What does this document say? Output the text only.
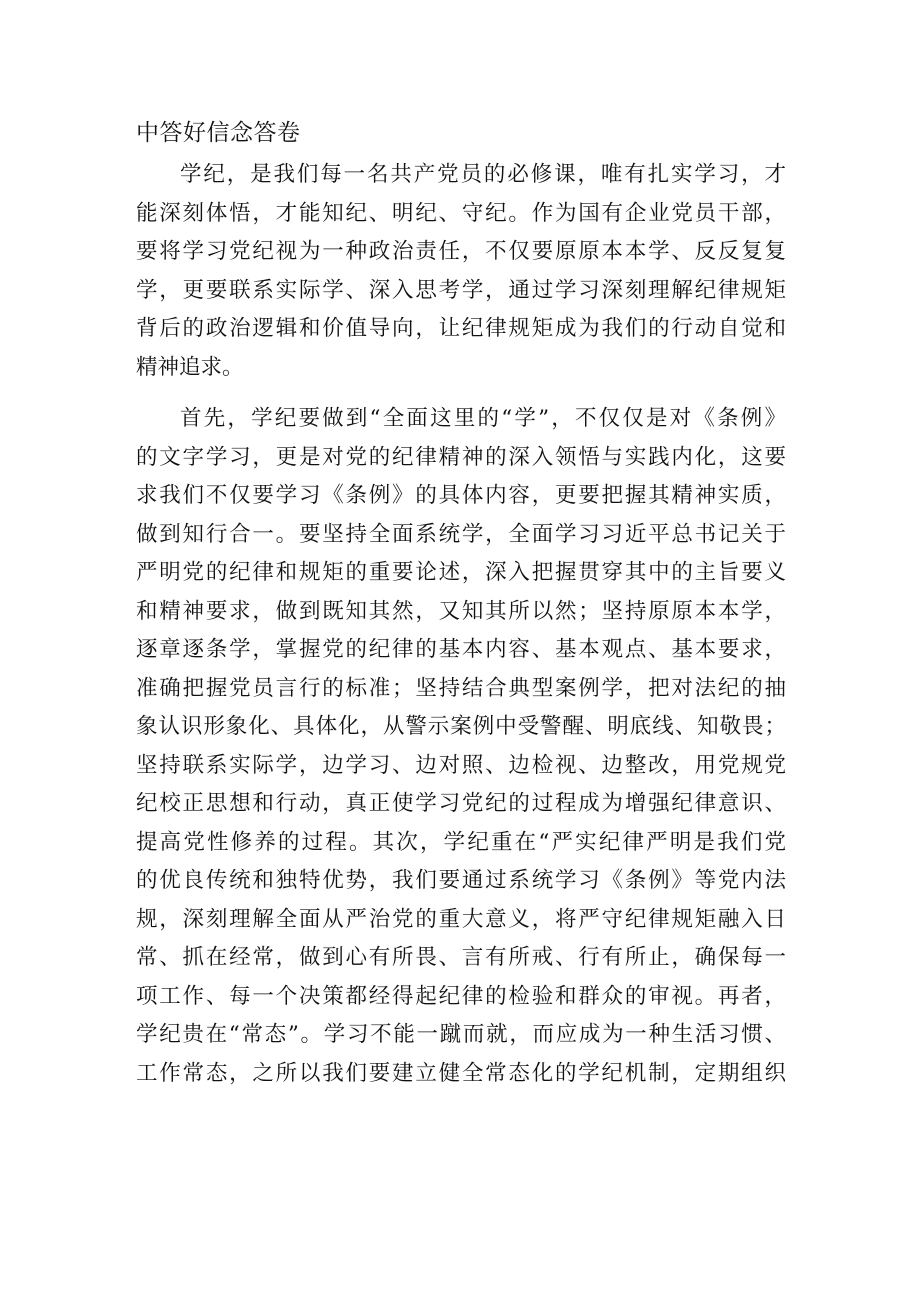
中答好信念答卷
学纪，是我们每一名共产党员的必修课，唯有扎实学习，才
能深刻体悟，才能知纪、明纪、守纪。作为国有企业党员干部，
要将学习党纪视为一种政治责任，不仅要原原本本学、反反复复
学，更要联系实际学、深入思考学，通过学习深刻理解纪律规矩
背后的政治逻辑和价值导向，让纪律规矩成为我们的行动自觉和
精神追求。
首先，学纪要做到“全面这里的“学”，不仅仅是对《条例》
的文字学习，更是对党的纪律精神的深入领悟与实践内化，这要
求我们不仅要学习《条例》的具体内容，更要把握其精神实质，
做到知行合一。要坚持全面系统学，全面学习习近平总书记关于
严明党的纪律和规矩的重要论述，深入把握贯穿其中的主旨要义
和精神要求，做到既知其然，又知其所以然；坚持原原本本学，
逐章逐条学，掌握党的纪律的基本内容、基本观点、基本要求，
准确把握党员言行的标准；坚持结合典型案例学，把对法纪的抽
象认识形象化、具体化，从警示案例中受警醒、明底线、知敬畏；
坚持联系实际学，边学习、边对照、边检视、边整改，用党规党
纪校正思想和行动，真正使学习党纪的过程成为增强纪律意识、
提高党性修养的过程。其次，学纪重在“严实纪律严明是我们党
的优良传统和独特优势，我们要通过系统学习《条例》等党内法
规，深刻理解全面从严治党的重大意义，将严守纪律规矩融入日
常、抓在经常，做到心有所畏、言有所戒、行有所止，确保每一
项工作、每一个决策都经得起纪律的检验和群众的审视。再者，
学纪贵在“常态”。学习不能一蹴而就，而应成为一种生活习惯、
工作常态，之所以我们要建立健全常态化的学纪机制，定期组织
